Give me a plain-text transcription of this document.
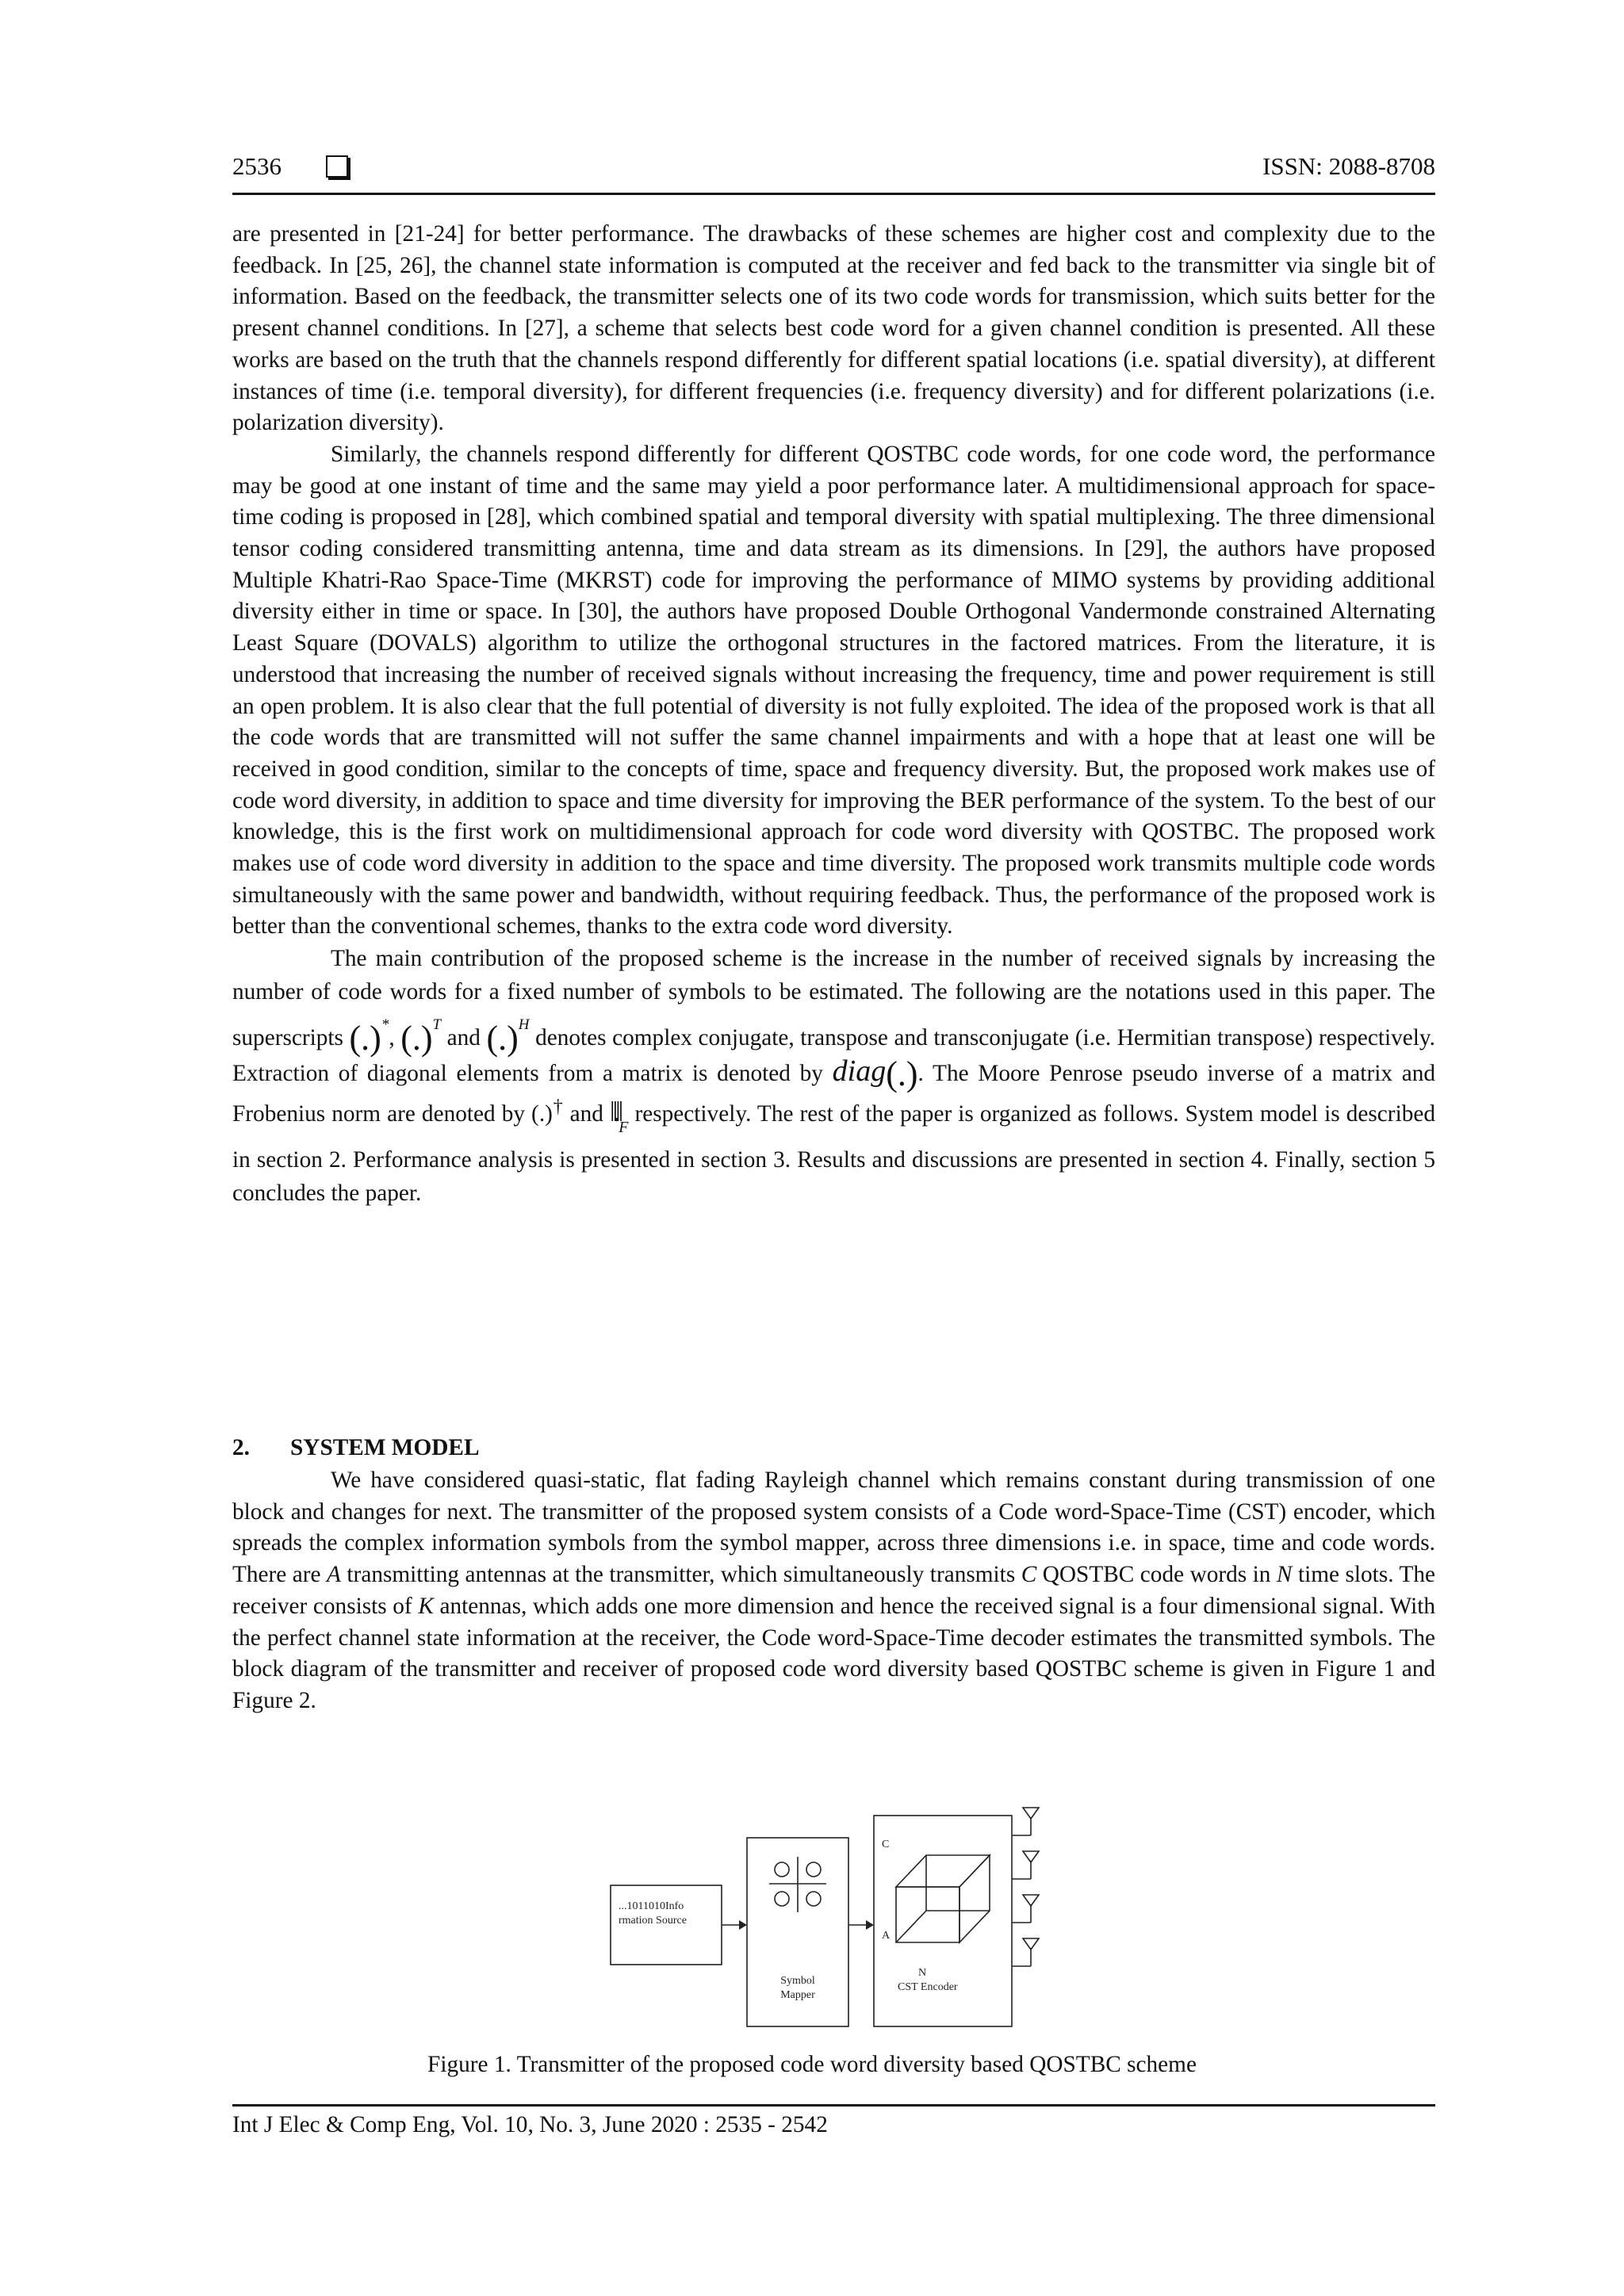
2536	ISSN: 2088-8708

are presented in [21-24] for better performance. The drawbacks of these schemes are higher cost and complexity due to the feedback. In [25, 26], the channel state information is computed at the receiver and fed back to the transmitter via single bit of information. Based on the feedback, the transmitter selects one of its two code words for transmission, which suits better for the present channel conditions. In [27], a scheme that selects best code word for a given channel condition is presented. All these works are based on the truth that the channels respond differently for different spatial locations (i.e. spatial diversity), at different instances of time (i.e. temporal diversity), for different frequencies (i.e. frequency diversity) and for different polarizations (i.e. polarization diversity).

Similarly, the channels respond differently for different QOSTBC code words, for one code word, the performance may be good at one instant of time and the same may yield a poor performance later. A multidimensional approach for space-time coding is proposed in [28], which combined spatial and temporal diversity with spatial multiplexing. The three dimensional tensor coding considered transmitting antenna, time and data stream as its dimensions. In [29], the authors have proposed Multiple Khatri-Rao Space-Time (MKRST) code for improving the performance of MIMO systems by providing additional diversity either in time or space. In [30], the authors have proposed Double Orthogonal Vandermonde constrained Alternating Least Square (DOVALS) algorithm to utilize the orthogonal structures in the factored matrices. From the literature, it is understood that increasing the number of received signals without increasing the frequency, time and power requirement is still an open problem. It is also clear that the full potential of diversity is not fully exploited. The idea of the proposed work is that all the code words that are transmitted will not suffer the same channel impairments and with a hope that at least one will be received in good condition, similar to the concepts of time, space and frequency diversity. But, the proposed work makes use of code word diversity, in addition to space and time diversity for improving the BER performance of the system. To the best of our knowledge, this is the first work on multidimensional approach for code word diversity with QOSTBC. The proposed work makes use of code word diversity in addition to the space and time diversity. The proposed work transmits multiple code words simultaneously with the same power and bandwidth, without requiring feedback. Thus, the performance of the proposed work is better than the conventional schemes, thanks to the extra code word diversity.

The main contribution of the proposed scheme is the increase in the number of received signals by increasing the number of code words for a fixed number of symbols to be estimated. The following are the notations used in this paper. The superscripts (.)*, (.)$^T$ and (.)$^H$ denotes complex conjugate, transpose and transconjugate (i.e. Hermitian transpose) respectively. Extraction of diagonal elements from a matrix is denoted by diag(.). The Moore Penrose pseudo inverse of a matrix and Frobenius norm are denoted by (.)† and $‖.‖_F$ respectively. The rest of the paper is organized as follows. System model is described in section 2. Performance analysis is presented in section 3. Results and discussions are presented in section 4. Finally, section 5 concludes the paper.

2. SYSTEM MODEL

We have considered quasi-static, flat fading Rayleigh channel which remains constant during transmission of one block and changes for next. The transmitter of the proposed system consists of a Code word-Space-Time (CST) encoder, which spreads the complex information symbols from the symbol mapper, across three dimensions i.e. in space, time and code words. There are A transmitting antennas at the transmitter, which simultaneously transmits C QOSTBC code words in N time slots. The receiver consists of K antennas, which adds one more dimension and hence the received signal is a four dimensional signal. With the perfect channel state information at the receiver, the Code word-Space-Time decoder estimates the transmitted symbols. The block diagram of the transmitter and receiver of proposed code word diversity based QOSTBC scheme is given in Figure 1 and Figure 2.

...1011010Info
rmation Source
Symbol
Mapper
C
A
N
CST Encoder
Figure 1. Transmitter of the proposed code word diversity based QOSTBC scheme
Int J Elec & Comp Eng, Vol. 10, No. 3, June 2020 : 2535 - 2542
